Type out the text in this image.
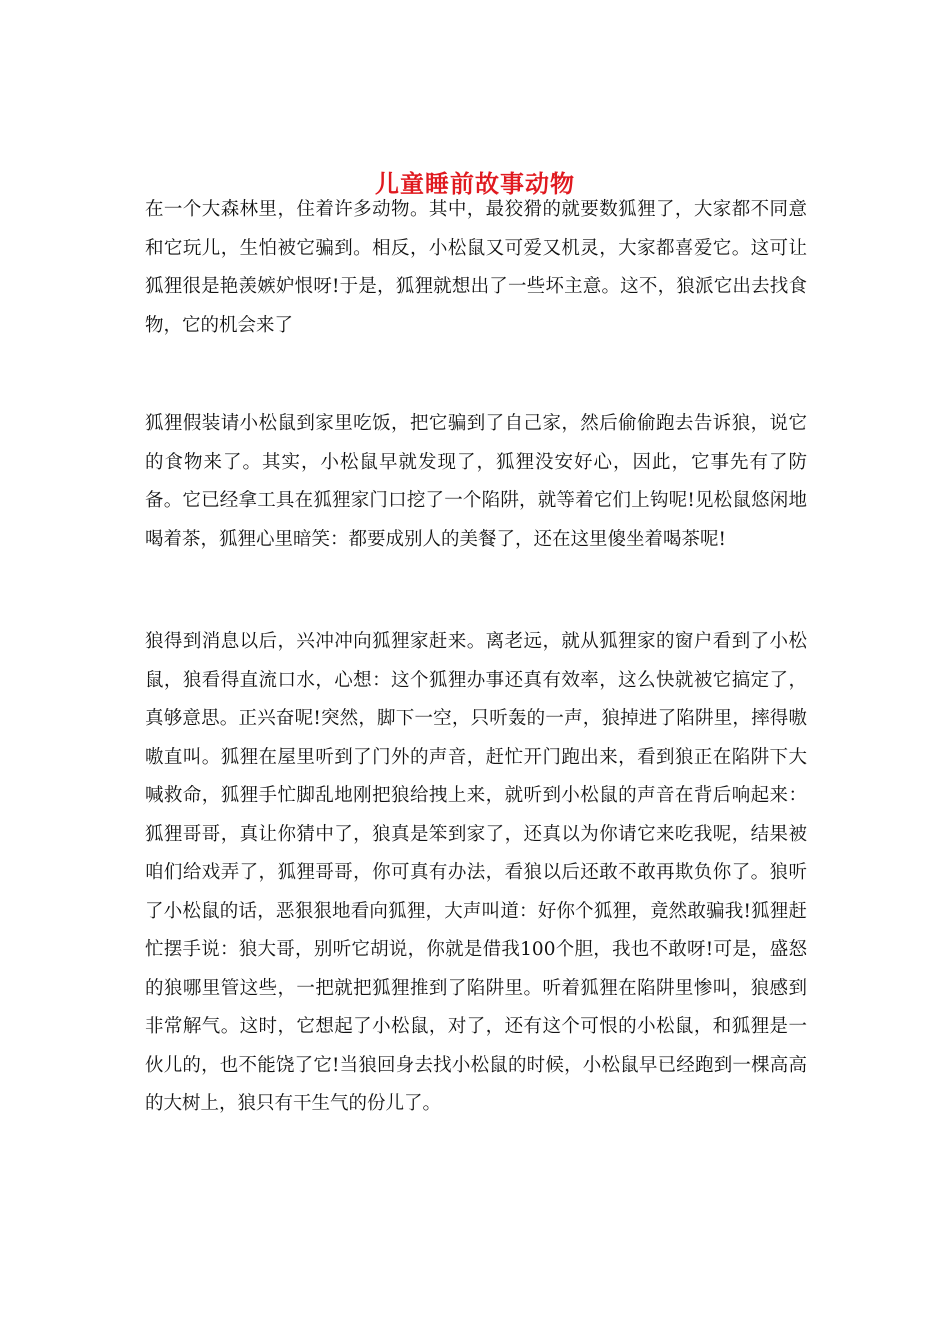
儿童睡前故事动物

在一个大森林里，住着许多动物。其中，最狡猾的就要数狐狸了，大家都不同意和它玩儿，生怕被它骗到。相反，小松鼠又可爱又机灵，大家都喜爱它。这可让狐狸很是艳羡嫉妒恨呀!于是，狐狸就想出了一些坏主意。这不，狼派它出去找食物，它的机会来了

狐狸假装请小松鼠到家里吃饭，把它骗到了自己家，然后偷偷跑去告诉狼，说它的食物来了。其实，小松鼠早就发现了，狐狸没安好心，因此，它事先有了防备。它已经拿工具在狐狸家门口挖了一个陷阱，就等着它们上钩呢!见松鼠悠闲地喝着茶，狐狸心里暗笑：都要成别人的美餐了，还在这里傻坐着喝茶呢!

狼得到消息以后，兴冲冲向狐狸家赶来。离老远，就从狐狸家的窗户看到了小松鼠，狼看得直流口水，心想：这个狐狸办事还真有效率，这么快就被它搞定了，真够意思。正兴奋呢!突然，脚下一空，只听轰的一声，狼掉进了陷阱里，摔得嗷嗷直叫。狐狸在屋里听到了门外的声音，赶忙开门跑出来，看到狼正在陷阱下大喊救命，狐狸手忙脚乱地刚把狼给拽上来，就听到小松鼠的声音在背后响起来：狐狸哥哥，真让你猜中了，狼真是笨到家了，还真以为你请它来吃我呢，结果被咱们给戏弄了，狐狸哥哥，你可真有办法，看狼以后还敢不敢再欺负你了。狼听了小松鼠的话，恶狠狠地看向狐狸，大声叫道：好你个狐狸，竟然敢骗我!狐狸赶忙摆手说：狼大哥，别听它胡说，你就是借我100个胆，我也不敢呀!可是，盛怒的狼哪里管这些，一把就把狐狸推到了陷阱里。听着狐狸在陷阱里惨叫，狼感到非常解气。这时，它想起了小松鼠，对了，还有这个可恨的小松鼠，和狐狸是一伙儿的，也不能饶了它!当狼回身去找小松鼠的时候，小松鼠早已经跑到一棵高高的大树上，狼只有干生气的份儿了。
